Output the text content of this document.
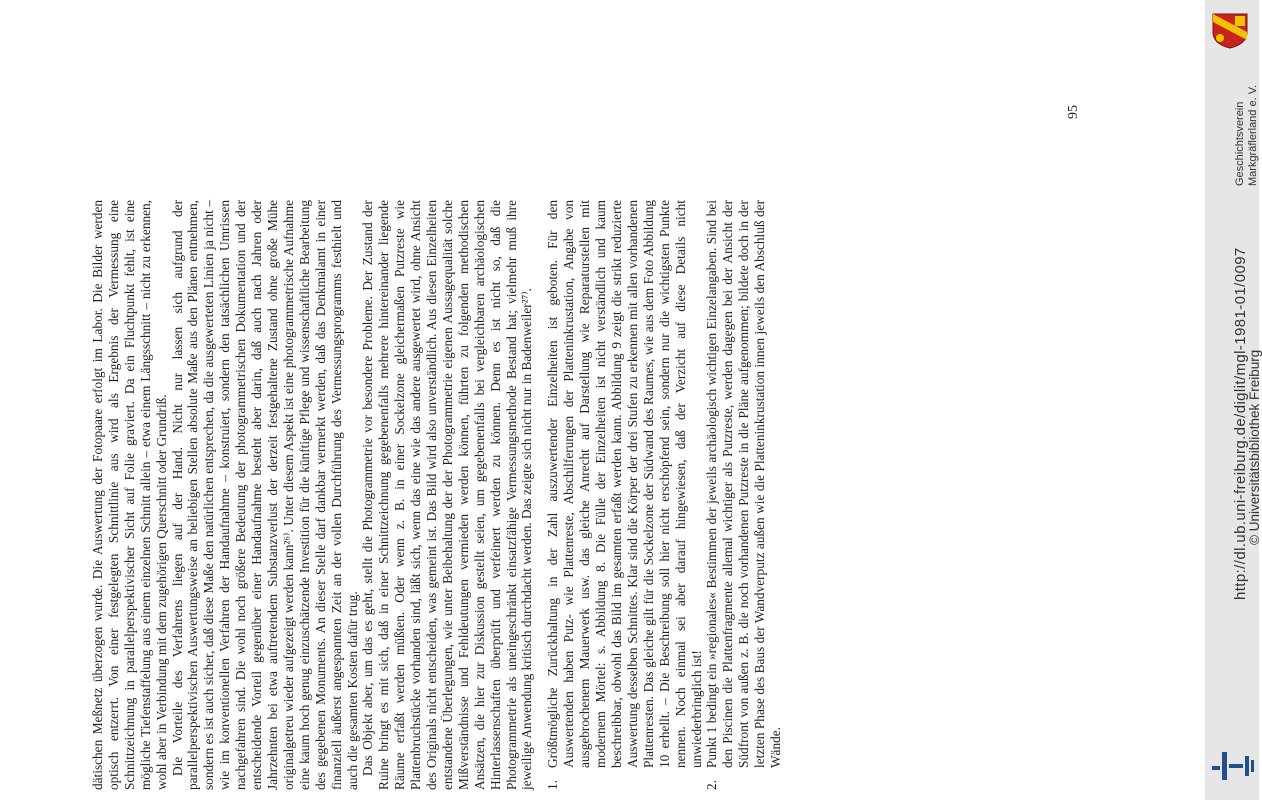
dätischen Meßnetz überzogen wurde. Die Auswertung der Fotopaare erfolgt im Labor. Die Bilder werden optisch entzerrt. Von einer festgelegten Schnittlinie aus wird als Ergebnis der Vermessung eine Schnittzeichnung in parallelperspektivischer Sicht auf Folie graviert. Da ein Fluchtpunkt fehlt, ist eine mögliche Tiefenstaffelung aus einem einzelnen Schnitt allein – etwa einem Längsschnitt – nicht zu erkennen, wohl aber in Verbindung mit dem zugehörigen Querschnitt oder Grundriß. Die Vorteile des Verfahrens liegen auf der Hand. Nicht nur lassen sich aufgrund der parallelperspektivischen Auswertungsweise an beliebigen Stellen absolute Maße aus den Plänen entnehmen, sondern es ist auch sicher, daß diese Maße den natürlichen entsprechen, da die ausgewerteten Linien ja nicht – wie im konventionellen Verfahren der Handaufnahme – konstruiert, sondern den tatsächlichen Umrissen nachgefahren sind. Die wohl noch größere Bedeutung der photogrammetrischen Dokumentation und der entscheidende Vorteil gegenüber einer Handaufnahme besteht aber darin, daß auch nach Jahren oder Jahrzehnten bei etwa auftretendem Substanzverlust der derzeit festgehaltene Zustand ohne große Mühe originalgetreu wieder aufgezeigt werden kann²⁶⁾. Unter diesem Aspekt ist eine photogrammetrische Aufnahme eine kaum hoch genug einzuschätzende Investition für die künftige Pflege und wissenschaftliche Bearbeitung des gegebenen Monuments. An dieser Stelle darf dankbar vermerkt werden, daß das Denkmalamt in einer finanziell äußerst angespannten Zeit an der vollen Durchführung des Vermessungsprogramms festhielt und auch die gesamten Kosten dafür trug. Das Objekt aber, um das es geht, stellt die Photogrammetrie vor besondere Probleme. Der Zustand der Ruine bringt es mit sich, daß in einer Schnittzeichnung gegebenenfalls mehrere hintereinander liegende Räume erfaßt werden müßten. Oder wenn z. B. in einer Sockelzone gleichermaßen Putzreste wie Plattenbruchstücke vorhanden sind, läßt sich, wenn das eine wie das andere ausgewertet wird, ohne Ansicht des Originals nicht entscheiden, was gemeint ist. Das Bild wird also unverständlich. Aus diesen Einzelheiten entstandene Überlegungen, wie unter Beibehaltung der der Photogrammetrie eigenen Aussagequalität solche Mißverständnisse und Fehldeutungen vermieden werden können, führten zu folgenden methodischen Ansätzen, die hier zur Diskussion gestellt seien, um gegebenenfalls bei vergleichbaren archäologischen Hinterlassenschaften überprüft und verfeinert werden zu können. Denn es ist nicht so, daß die Photogrammetrie als uneingeschränkt einsatzfähige Vermessungsmethode Bestand hat; vielmehr muß ihre jeweilige Anwendung kritisch durchdacht werden. Das zeigte sich nicht nur in Badenweiler²⁷⁾. 1.Größtmögliche Zurückhaltung in der Zahl auszuwertender Einzelheiten ist geboten. Für den Auswertenden haben Putz- wie Plattenreste, Abschilferungen der Platteninkrustation, Angabe von ausgebrochenem Mauerwerk usw. das gleiche Anrecht auf Darstellung wie Reparaturstellen mit modernem Mörtel: s. Abbildung 8. Die Fülle der Einzelheiten ist nicht verständlich und kaum beschreibbar, obwohl das Bild im gesamten erfaßt werden kann. Abbildung 9 zeigt die strikt reduzierte Auswertung desselben Schnittes. Klar sind die Körper der drei Stufen zu erkennen mit allen vorhandenen Plattenresten. Das gleiche gilt für die Sockelzone der Südwand des Raumes, wie aus dem Foto Abbildung 10 erhellt. – Die Beschreibung soll hier nicht erschöpfend sein, sondern nur die wichtigsten Punkte nennen. Noch einmal sei aber darauf hingewiesen, daß der Verzicht auf diese Details nicht unwiederbringlich ist!

2.Punkt 1 bedingt ein »regionales« Bestimmen der jeweils archäologisch wichtigen Einzelangaben. Sind bei den Piscinen die Plattenfragmente allemal wichtiger als Putzreste, werden dagegen bei der Ansicht der Südfront von außen z. B. die noch vorhandenen Putzreste in die Pläne aufgenommen; bildete doch in der letzten Phase des Baus der Wandverputz außen wie die Platteninkrustation innen jeweils den Abschluß der Wände.

95	Geschichtsverein Markgräflerland e. V.
http://dl.ub.uni-freiburg.de/diglit/mgl-1981-01/0097
© Universitätsbibliothek Freiburg
